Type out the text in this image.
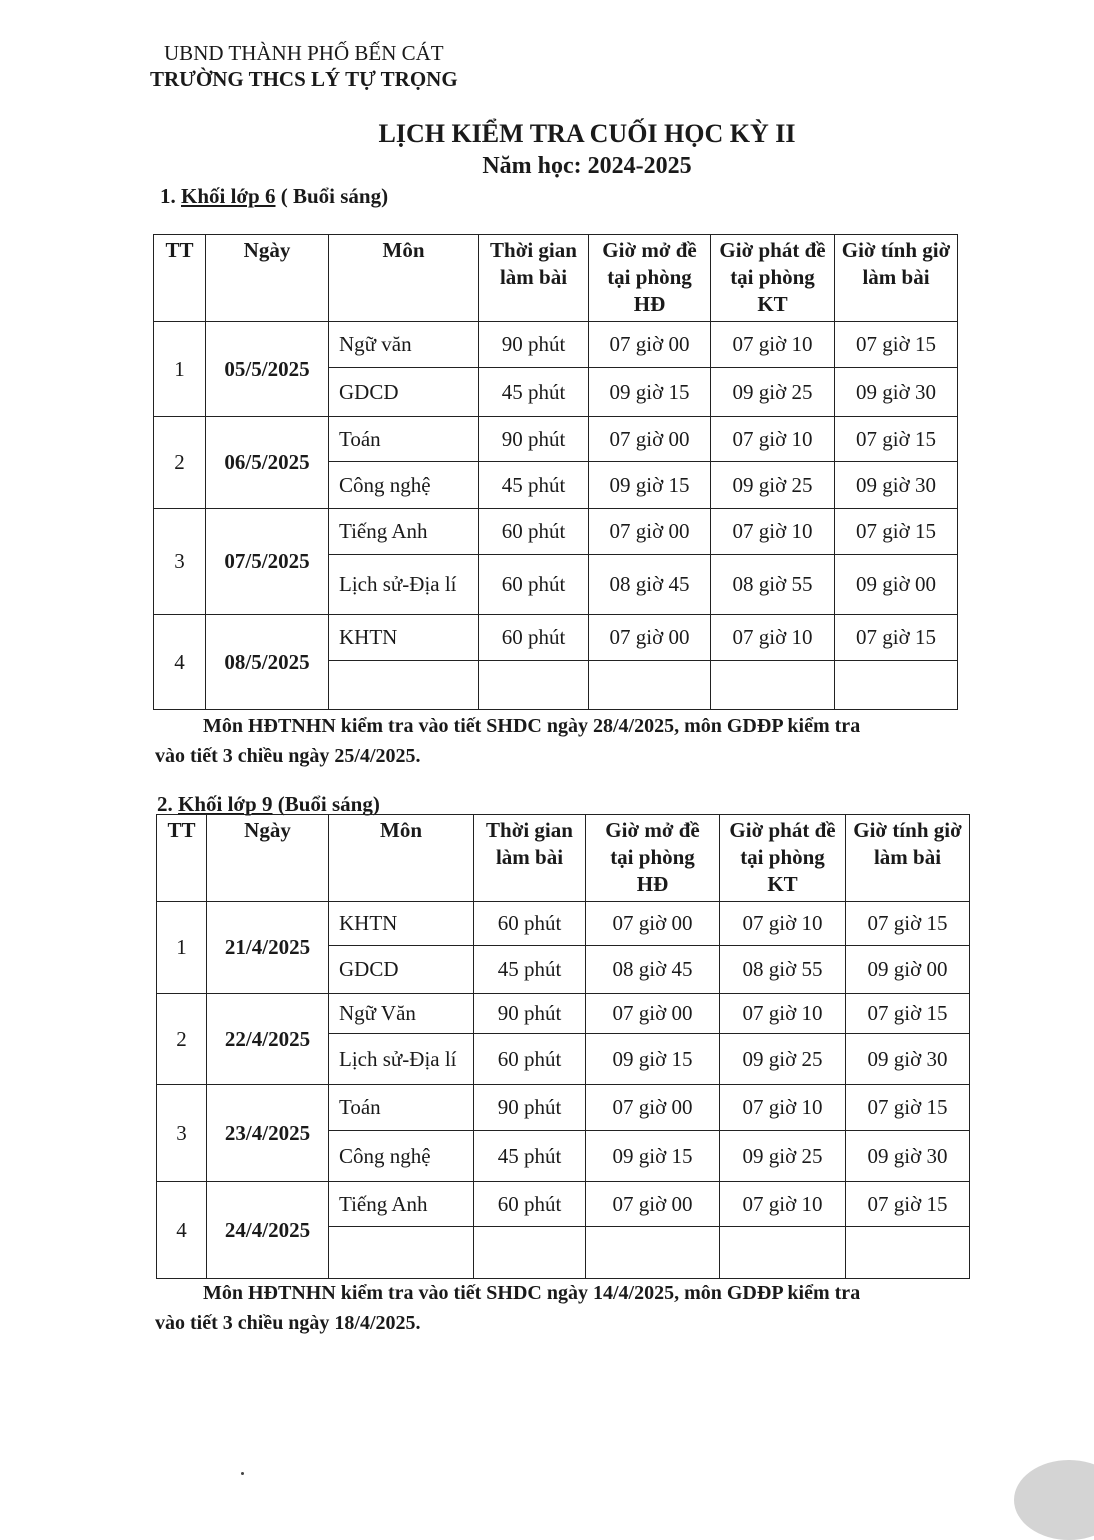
UBND THÀNH PHỐ BẾN CÁT
TRƯỜNG THCS LÝ TỰ TRỌNG
LỊCH KIỂM TRA CUỐI HỌC KỲ II
Năm học: 2024-2025
1. Khối lớp 6 ( Buổi sáng)
TT	Ngày	Môn	Thời gian làm bài	Giờ mở đề tại phòng HĐ	Giờ phát đề tại phòng KT	Giờ tính giờ làm bài
1	05/5/2025	Ngữ văn	90 phút	07 giờ 00	07 giờ 10	07 giờ 15
		GDCD	45 phút	09 giờ 15	09 giờ 25	09 giờ 30
2	06/5/2025	Toán	90 phút	07 giờ 00	07 giờ 10	07 giờ 15
		Công nghệ	45 phút	09 giờ 15	09 giờ 25	09 giờ 30
3	07/5/2025	Tiếng Anh	60 phút	07 giờ 00	07 giờ 10	07 giờ 15
		Lịch sử-Địa lí	60 phút	08 giờ 45	08 giờ 55	09 giờ 00
4	08/5/2025	KHTN	60 phút	07 giờ 00	07 giờ 10	07 giờ 15

Môn HĐTNHN kiểm tra vào tiết SHDC ngày 28/4/2025, môn GDĐP kiểm tra
vào tiết 3 chiều ngày 25/4/2025.
2. Khối lớp 9 (Buổi sáng)
TT	Ngày	Môn	Thời gian làm bài	Giờ mở đề tại phòng HĐ	Giờ phát đề tại phòng KT	Giờ tính giờ làm bài
1	21/4/2025	KHTN	60 phút	07 giờ 00	07 giờ 10	07 giờ 15
		GDCD	45 phút	08 giờ 45	08 giờ 55	09 giờ 00
2	22/4/2025	Ngữ Văn	90 phút	07 giờ 00	07 giờ 10	07 giờ 15
		Lịch sử-Địa lí	60 phút	09 giờ 15	09 giờ 25	09 giờ 30
3	23/4/2025	Toán	90 phút	07 giờ 00	07 giờ 10	07 giờ 15
		Công nghệ	45 phút	09 giờ 15	09 giờ 25	09 giờ 30
4	24/4/2025	Tiếng Anh	60 phút	07 giờ 00	07 giờ 10	07 giờ 15

Môn HĐTNHN kiểm tra vào tiết SHDC ngày 14/4/2025, môn GDĐP kiểm tra
vào tiết 3 chiều ngày 18/4/2025.
